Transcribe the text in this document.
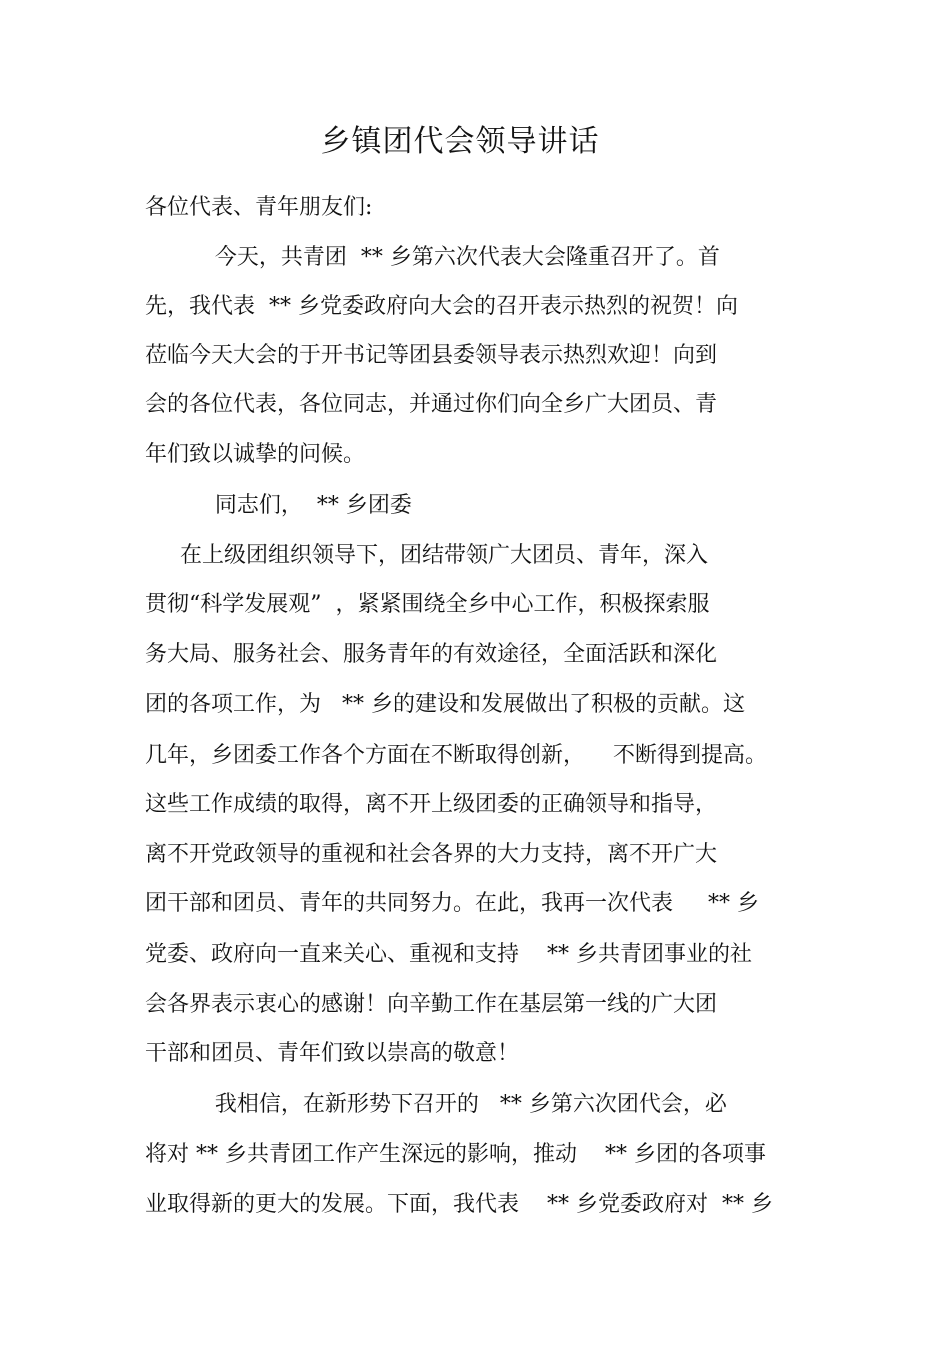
乡镇团代会领导讲话

各位代表、青年朋友们:

今天，共青团  ** 乡第六次代表大会隆重召开了。首

先，我代表  ** 乡党委政府向大会的召开表示热烈的祝贺！向

莅临今天大会的于开书记等团县委领导表示热烈欢迎！向到

会的各位代表，各位同志，并通过你们向全乡广大团员、青

年们致以诚挚的问候。

同志们，  ** 乡团委

在上级团组织领导下，团结带领广大团员、青年，深入

贯彻“科学发展观”  ，紧紧围绕全乡中心工作，积极探索服

务大局、服务社会、服务青年的有效途径，全面活跃和深化

团的各项工作，为   ** 乡的建设和发展做出了积极的贡献。这

几年，乡团委工作各个方面在不断取得创新，    不断得到提高。

这些工作成绩的取得，离不开上级团委的正确领导和指导，

离不开党政领导的重视和社会各界的大力支持，离不开广大

团干部和团员、青年的共同努力。在此，我再一次代表     ** 乡

党委、政府向一直来关心、重视和支持    ** 乡共青团事业的社

会各界表示衷心的感谢！向辛勤工作在基层第一线的广大团

干部和团员、青年们致以崇高的敬意！

我相信，在新形势下召开的   ** 乡第六次团代会，必

将对 ** 乡共青团工作产生深远的影响，推动    ** 乡团的各项事

业取得新的更大的发展。下面，我代表    ** 乡党委政府对  ** 乡
